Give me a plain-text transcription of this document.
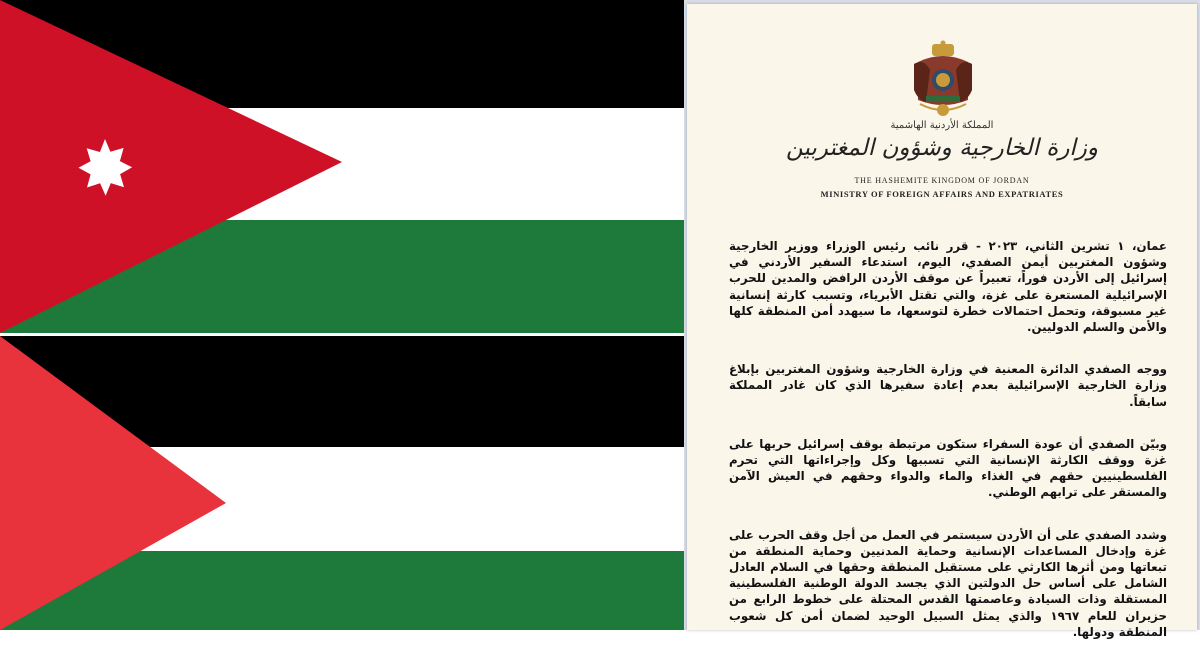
المملكة الأردنية الهاشمية
وزارة الخارجية وشؤون المغتربين
THE HASHEMITE KINGDOM OF JORDAN
MINISTRY OF FOREIGN AFFAIRS AND EXPATRIATES

عمان، ١ تشرين الثاني، ٢٠٢٣ - قرر نائب رئيس الوزراء ووزير الخارجية وشؤون المغتربين أيمن الصفدي، اليوم، استدعاء السفير الأردني في إسرائيل إلى الأردن فوراً، تعبيراً عن موقف الأردن الرافض والمدين للحرب الإسرائيلية المستعرة على غزة، والتي تقتل الأبرياء، وتسبب كارثة إنسانية غير مسبوقة، وتحمل احتمالات خطرة لتوسعها، ما سيهدد أمن المنطقة كلها والأمن والسلم الدوليين.

ووجه الصفدي الدائرة المعنية في وزارة الخارجية وشؤون المغتربين بإبلاغ وزارة الخارجية الإسرائيلية بعدم إعادة سفيرها الذي كان غادر المملكة سابقاً.

وبيّن الصفدي أن عودة السفراء ستكون مرتبطة بوقف إسرائيل حربها على غزة ووقف الكارثة الإنسانية التي تسببها وكل وإجراءاتها التي تحرم الفلسطينيين حقهم في الغذاء والماء والدواء وحقهم في العيش الآمن والمستقر على ترابهم الوطني.

وشدد الصفدي على أن الأردن سيستمر في العمل من أجل وقف الحرب على غزة وإدخال المساعدات الإنسانية وحماية المدنيين وحماية المنطقة من تبعاتها ومن أثرها الكارثي على مستقبل المنطقة وحقها في السلام العادل الشامل على أساس حل الدولتين الذي يجسد الدولة الوطنية الفلسطينية المستقلة وذات السيادة وعاصمتها القدس المحتلة على خطوط الرابع من حزيران للعام ١٩٦٧ والذي يمثل السبيل الوحيد لضمان أمن كل شعوب المنطقة ودولها.
